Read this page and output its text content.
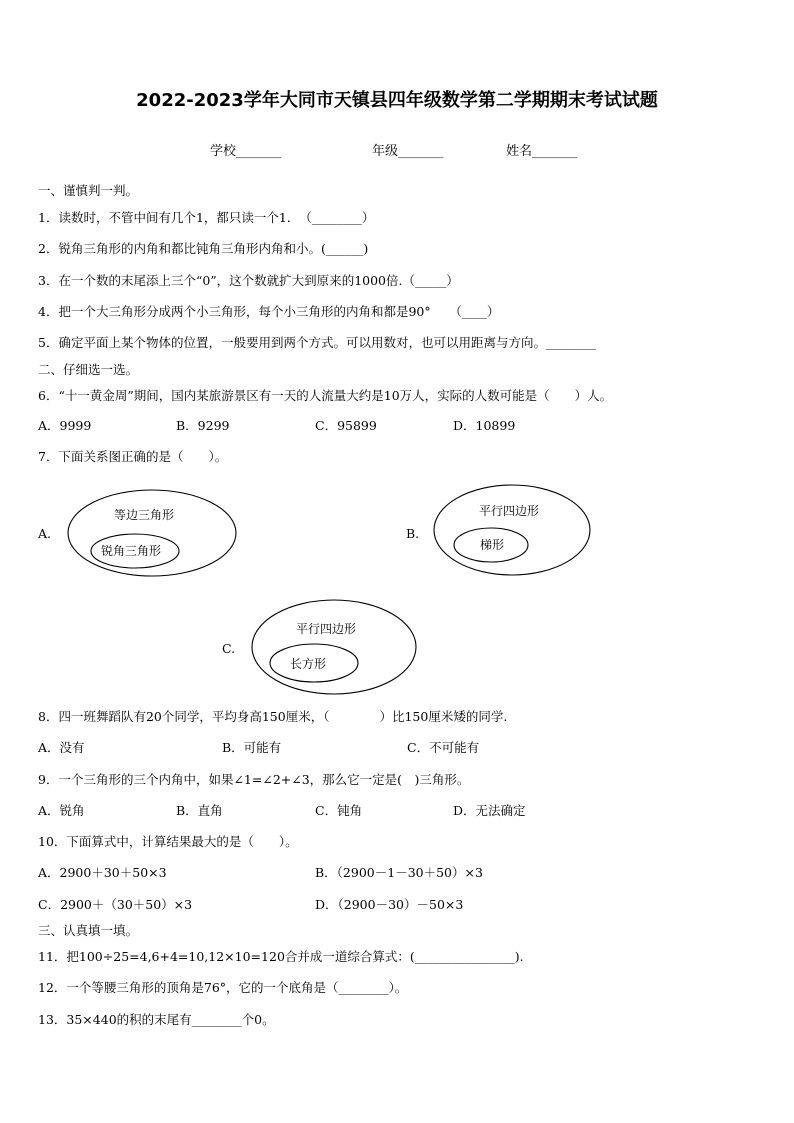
2022-2023学年大同市天镇县四年级数学第二学期期末考试试题
学校_______	年级_______	姓名_______
一、谨慎判一判。
1．读数时，不管中间有几个1，都只读一个1．　（________）
2．锐角三角形的内角和都比钝角三角形内角和小。(______)
3．在一个数的末尾添上三个“0”，这个数就扩大到原来的1000倍.（_____）
4．把一个大三角形分成两个小三角形，每个小三角形的内角和都是90°　　（____）
5．确定平面上某个物体的位置，一般要用到两个方式。可以用数对，也可以用距离与方向。________
二、仔细选一选。
6．“十一黄金周”期间，国内某旅游景区有一天的人流量大约是10万人，实际的人数可能是（　　）人。
A．9999	B．9299	C．95899	D．10899
7．下面关系图正确的是（　　）。
A.
等边三角形
锐角三角形
B.
平行四边形
梯形
C.
平行四边形
长方形
8．四一班舞蹈队有20个同学，平均身高150厘米，（　　　　）比150厘米矮的同学.
A．没有	B．可能有	C．不可能有
9．一个三角形的三个内角中，如果∠1=∠2+∠3，那么它一定是(　)三角形。
A．锐角	B．直角	C．钝角	D．无法确定
10．下面算式中，计算结果最大的是（　　）。
A．2900＋30＋50×3	B．（2900－1－30＋50）×3
C．2900＋（30＋50）×3	D．（2900－30）－50×3
三、认真填一填。
11．把100÷25=4,6+4=10,12×10=120合并成一道综合算式：(________________).
12．一个等腰三角形的顶角是76°，它的一个底角是（________）。
13．35×440的积的末尾有________个0。
